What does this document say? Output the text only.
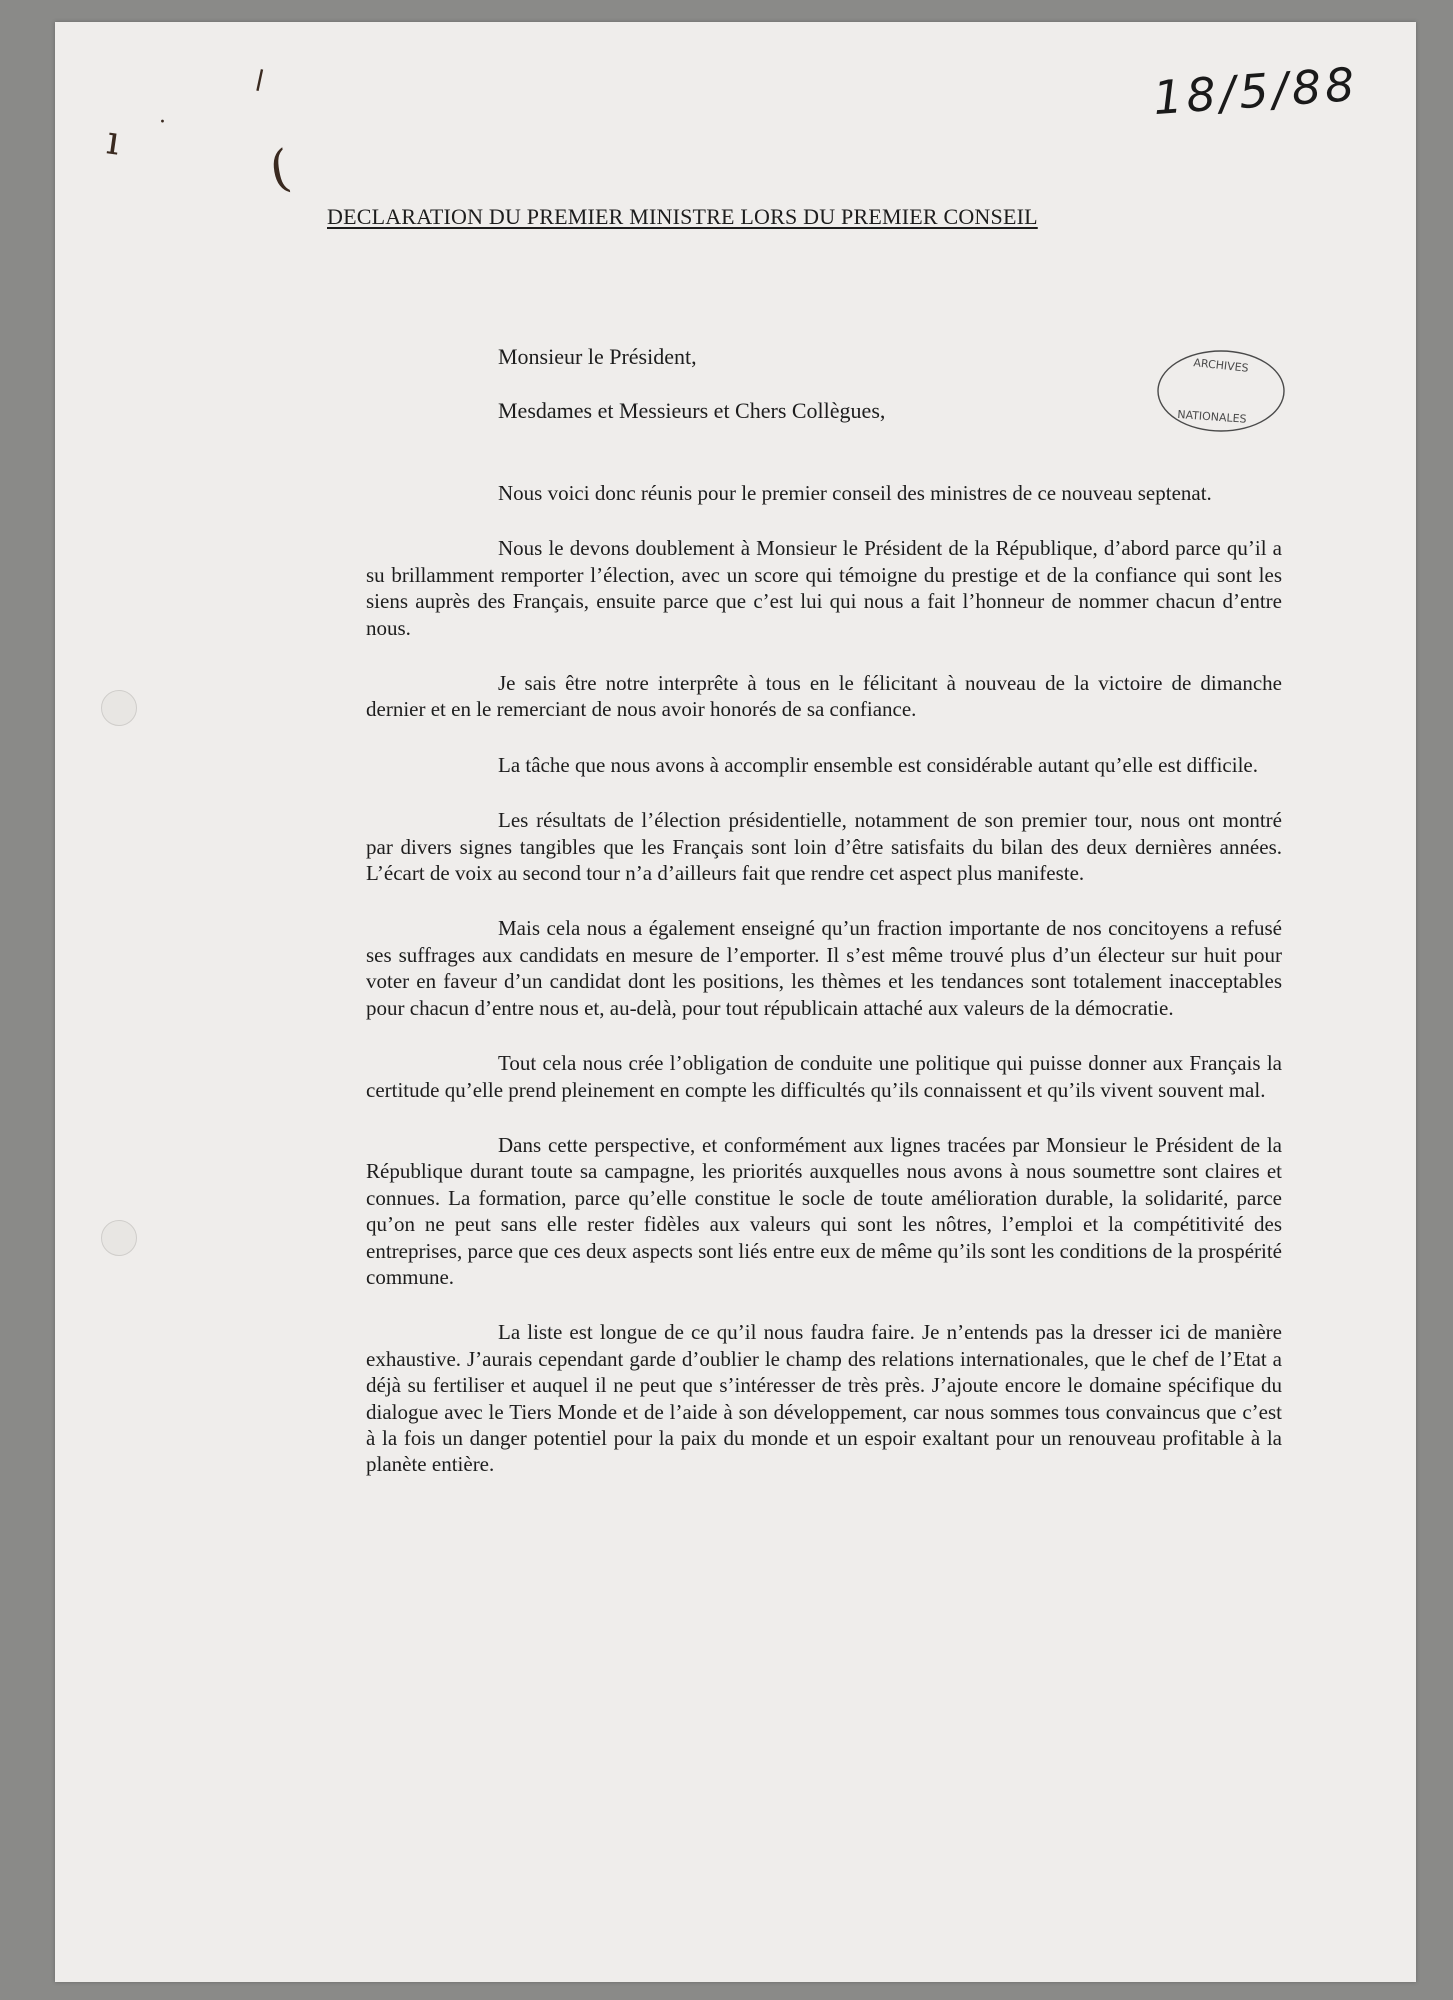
ı ·
ǀ
(
18/5/88
DECLARATION DU PREMIER MINISTRE LORS DU PREMIER CONSEIL
ARCHIVES
NATIONALES
Monsieur le Président,
Mesdames et Messieurs et Chers Collègues,

Nous voici donc réunis pour le premier conseil des ministres de ce nouveau septenat.

Nous le devons doublement à Monsieur le Président de la République, d’abord parce qu’il a su brillamment remporter l’élection, avec un score qui témoigne du prestige et de la confiance qui sont les siens auprès des Français, ensuite parce que c’est lui qui nous a fait l’honneur de nommer chacun d’entre nous.

Je sais être notre interprête à tous en le félicitant à nouveau de la victoire de dimanche dernier et en le remerciant de nous avoir honorés de sa confiance.

La tâche que nous avons à accomplir ensemble est considérable autant qu’elle est difficile.

Les résultats de l’élection présidentielle, notamment de son premier tour, nous ont montré par divers signes tangibles que les Français sont loin d’être satisfaits du bilan des deux dernières années. L’écart de voix au second tour n’a d’ailleurs fait que rendre cet aspect plus manifeste.

Mais cela nous a également enseigné qu’un fraction importante de nos concitoyens a refusé ses suffrages aux candidats en mesure de l’emporter. Il s’est même trouvé plus d’un électeur sur huit pour voter en faveur d’un candidat dont les positions, les thèmes et les tendances sont totalement inacceptables pour chacun d’entre nous et, au-delà, pour tout républicain attaché aux valeurs de la démocratie.

Tout cela nous crée l’obligation de conduite une politique qui puisse donner aux Français la certitude qu’elle prend pleinement en compte les difficultés qu’ils connaissent et qu’ils vivent souvent mal.

Dans cette perspective, et conformément aux lignes tracées par Monsieur le Président de la République durant toute sa campagne, les priorités auxquelles nous avons à nous soumettre sont claires et connues. La formation, parce qu’elle constitue le socle de toute amélioration durable, la solidarité, parce qu’on ne peut sans elle rester fidèles aux valeurs qui sont les nôtres, l’emploi et la compétitivité des entreprises, parce que ces deux aspects sont liés entre eux de même qu’ils sont les conditions de la prospérité commune.

La liste est longue de ce qu’il nous faudra faire. Je n’entends pas la dresser ici de manière exhaustive. J’aurais cependant garde d’oublier le champ des relations internationales, que le chef de l’Etat a déjà su fertiliser et auquel il ne peut que s’intéresser de très près. J’ajoute encore le domaine spécifique du dialogue avec le Tiers Monde et de l’aide à son développement, car nous sommes tous convaincus que c’est à la fois un danger potentiel pour la paix du monde et un espoir exaltant pour un renouveau profitable à la planète entière.
